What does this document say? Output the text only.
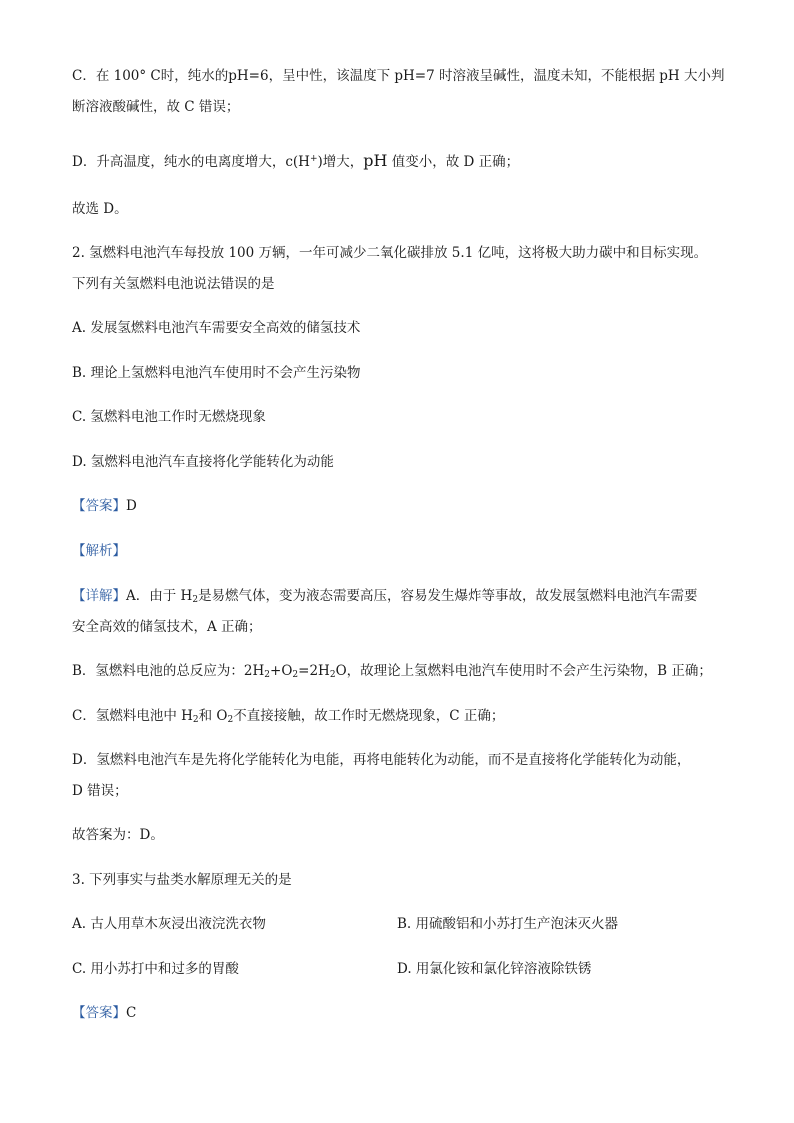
C．在 100° C时，纯水的pH=6，呈中性，该温度下 pH=7 时溶液呈碱性，温度未知，不能根据 pH 大小判
断溶液酸碱性，故 C 错误；
D．升高温度，纯水的电离度增大，c(H+)增大，pH 值变小，故 D 正确；
故选 D。
2. 氢燃料电池汽车每投放 100 万辆，一年可减少二氧化碳排放 5.1 亿吨，这将极大助力碳中和目标实现。
下列有关氢燃料电池说法错误的是
A. 发展氢燃料电池汽车需要安全高效的储氢技术
B. 理论上氢燃料电池汽车使用时不会产生污染物
C. 氢燃料电池工作时无燃烧现象
D. 氢燃料电池汽车直接将化学能转化为动能
【答案】D
【解析】
【详解】A．由于 $H_2$是易燃气体，变为液态需要高压，容易发生爆炸等事故，故发展氢燃料电池汽车需要
安全高效的储氢技术，A 正确；
B．氢燃料电池的总反应为：$2H_2+O_2=2H_2O$，故理论上氢燃料电池汽车使用时不会产生污染物，B 正确；
C．氢燃料电池中 $H_2$和 $O_2$不直接接触，故工作时无燃烧现象，C 正确；
D．氢燃料电池汽车是先将化学能转化为电能，再将电能转化为动能，而不是直接将化学能转化为动能，
D 错误；
故答案为：D。
3. 下列事实与盐类水解原理无关的是
A. 古人用草木灰浸出液浣洗衣物	B. 用硫酸铝和小苏打生产泡沫灭火器
C. 用小苏打中和过多的胃酸	D. 用氯化铵和氯化锌溶液除铁锈
【答案】C
